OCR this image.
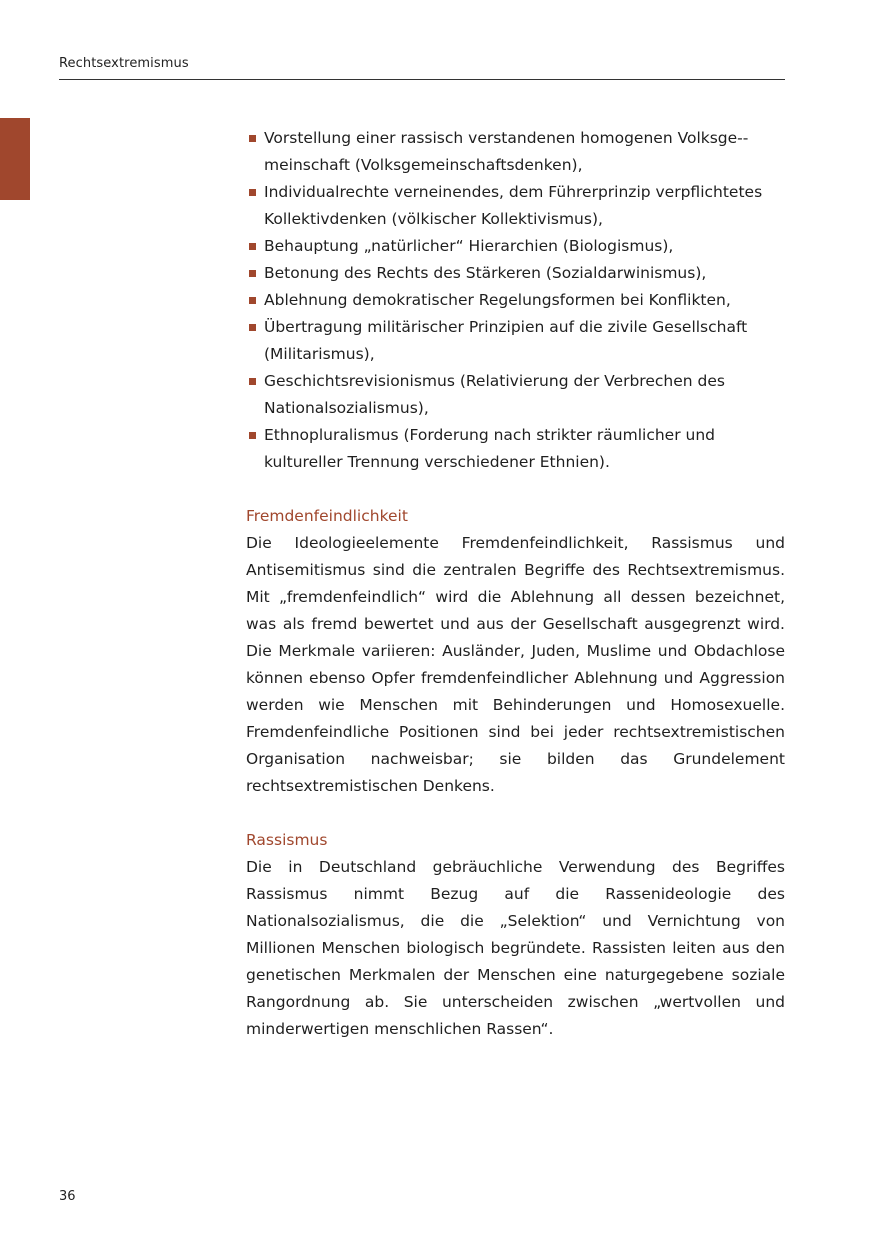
Rechtsextremismus
Vorstellung einer rassisch verstandenen homogenen Volksge-meinschaft (Volksgemeinschaftsdenken),
Individualrechte verneinendes, dem Führerprinzip verpflichtetes Kollektivdenken (völkischer Kollektivismus),
Behauptung „natürlicher“ Hierarchien (Biologismus),
Betonung des Rechts des Stärkeren (Sozialdarwinismus),
Ablehnung demokratischer Regelungsformen bei Konflikten,
Übertragung militärischer Prinzipien auf die zivile Gesellschaft (Militarismus),
Geschichtsrevisionismus (Relativierung der Verbrechen des Nationalsozialismus),
Ethnopluralismus (Forderung nach strikter räumlicher und kultureller Trennung verschiedener Ethnien).
Fremdenfeindlichkeit

Die Ideologieelemente Fremdenfeindlichkeit, Rassismus und Antisemitismus sind die zentralen Begriffe des Rechtsextremismus. Mit „fremdenfeindlich“ wird die Ablehnung all dessen bezeichnet, was als fremd bewertet und aus der Gesellschaft ausgegrenzt wird. Die Merkmale variieren: Ausländer, Juden, Muslime und Obdachlose können ebenso Opfer fremdenfeindlicher Ablehnung und Aggression werden wie Menschen mit Behinderungen und Homosexuelle. Fremdenfeindliche Positionen sind bei jeder rechtsextremistischen Organisation nachweisbar; sie bilden das Grundelement rechtsextremistischen Denkens.

Rassismus

Die in Deutschland gebräuchliche Verwendung des Begriffes Rassismus nimmt Bezug auf die Rassenideologie des Nationalsozialismus, die die „Selektion“ und Vernichtung von Millionen Menschen biologisch begründete. Rassisten leiten aus den genetischen Merkmalen der Menschen eine naturgegebene soziale Rangordnung ab. Sie unterscheiden zwischen „wertvollen und minderwertigen menschlichen Rassen“.

36
